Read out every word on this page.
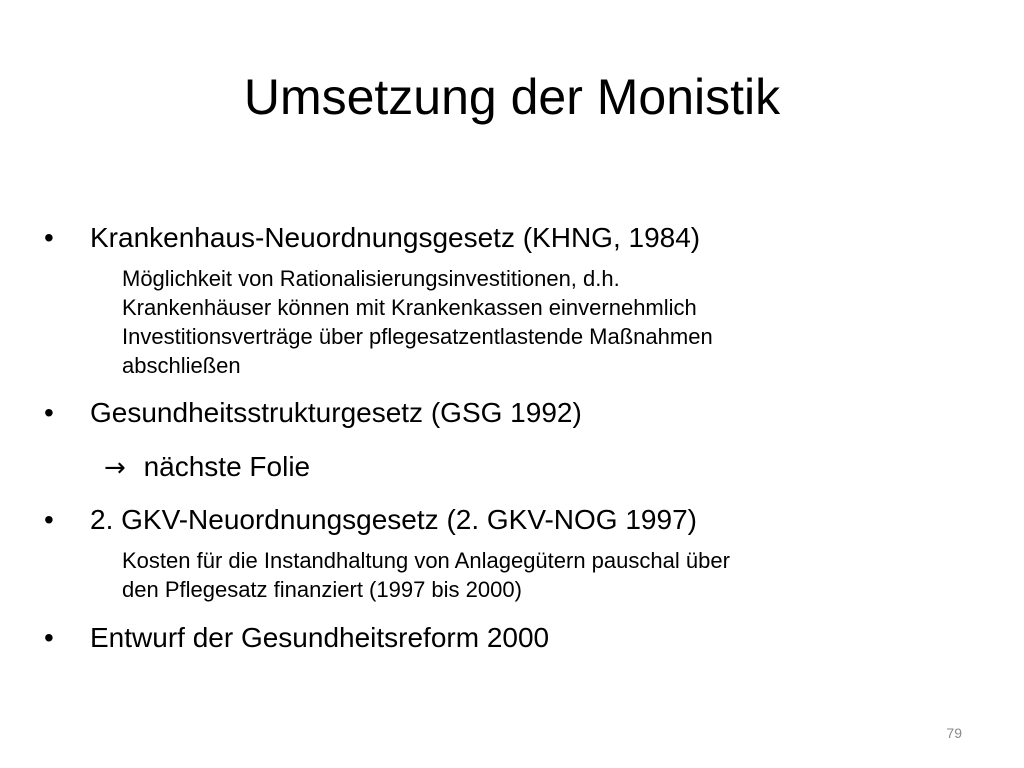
Umsetzung der Monistik
•	Krankenhaus-Neuordnungsgesetz (KHNG, 1984)
Möglichkeit von Rationalisierungsinvestitionen, d.h.
Krankenhäuser können mit Krankenkassen einvernehmlich
Investitionsverträge über pflegesatzentlastende Maßnahmen
abschließen
•	Gesundheitsstrukturgesetz (GSG 1992)
→ nächste Folie
•	2. GKV-Neuordnungsgesetz (2. GKV-NOG 1997)
Kosten für die Instandhaltung von Anlagegütern pauschal über
den Pflegesatz finanziert (1997 bis 2000)
•	Entwurf der Gesundheitsreform 2000
79
